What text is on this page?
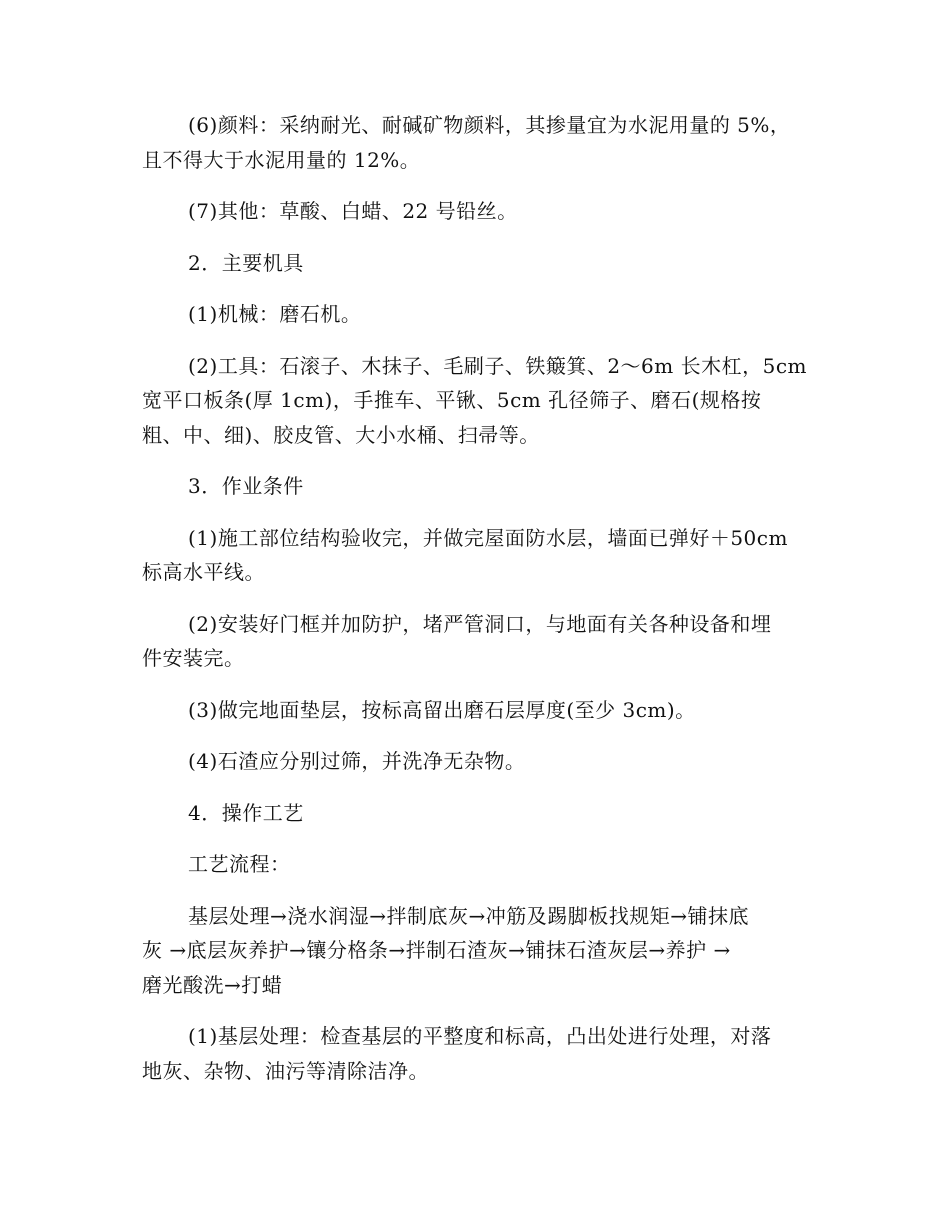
(6)颜料：采纳耐光、耐碱矿物颜料，其掺量宜为水泥用量的 5%，
且不得大于水泥用量的 12%。

(7)其他：草酸、白蜡、22 号铅丝。

2．主要机具

(1)机械：磨石机。

(2)工具：石滚子、木抹子、毛刷子、铁簸箕、2～6m 长木杠，5cm
宽平口板条(厚 1cm)，手推车、平锹、5cm 孔径筛子、磨石(规格按
粗、中、细)、胶皮管、大小水桶、扫帚等。

3．作业条件

(1)施工部位结构验收完，并做完屋面防水层，墙面已弹好＋50cm
标高水平线。

(2)安装好门框并加防护，堵严管洞口，与地面有关各种设备和埋
件安装完。

(3)做完地面垫层，按标高留出磨石层厚度(至少 3cm)。

(4)石渣应分别过筛，并洗净无杂物。

4．操作工艺

工艺流程：

基层处理→浇水润湿→拌制底灰→冲筋及踢脚板找规矩→铺抹底
灰 →底层灰养护→镶分格条→拌制石渣灰→铺抹石渣灰层→养护 →
磨光酸洗→打蜡

(1)基层处理：检查基层的平整度和标高，凸出处进行处理，对落
地灰、杂物、油污等清除洁净。
